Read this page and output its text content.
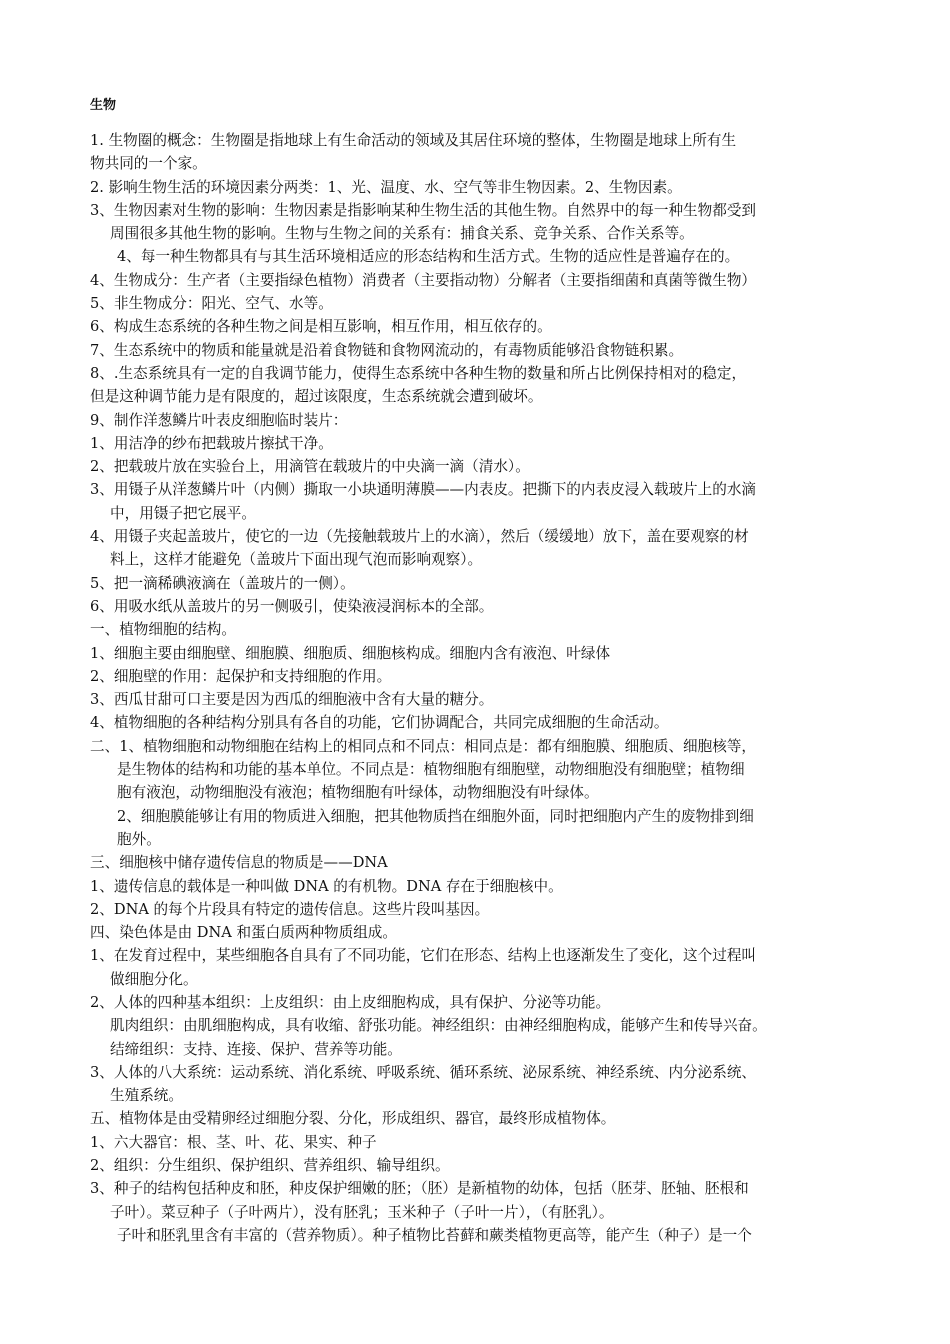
生物

1. 生物圈的概念：生物圈是指地球上有生命活动的领域及其居住环境的整体，生物圈是地球上所有生

物共同的一个家。

2. 影响生物生活的环境因素分两类：1、光、温度、水、空气等非生物因素。2、生物因素。

3、生物因素对生物的影响：生物因素是指影响某种生物生活的其他生物。自然界中的每一种生物都受到

周围很多其他生物的影响。生物与生物之间的关系有：捕食关系、竞争关系、合作关系等。

4、每一种生物都具有与其生活环境相适应的形态结构和生活方式。生物的适应性是普遍存在的。

4、生物成分：生产者（主要指绿色植物）消费者（主要指动物）分解者（主要指细菌和真菌等微生物）

5、非生物成分：阳光、空气、水等。

6、构成生态系统的各种生物之间是相互影响，相互作用，相互依存的。

7、生态系统中的物质和能量就是沿着食物链和食物网流动的，有毒物质能够沿食物链积累。

8、.生态系统具有一定的自我调节能力，使得生态系统中各种生物的数量和所占比例保持相对的稳定，

但是这种调节能力是有限度的，超过该限度，生态系统就会遭到破坏。

9、制作洋葱鳞片叶表皮细胞临时装片：

1、用洁净的纱布把载玻片擦拭干净。

2、把载玻片放在实验台上，用滴管在载玻片的中央滴一滴（清水）。

3、用镊子从洋葱鳞片叶（内侧）撕取一小块通明薄膜——内表皮。把撕下的内表皮浸入载玻片上的水滴

中，用镊子把它展平。

4、用镊子夹起盖玻片，使它的一边（先接触载玻片上的水滴），然后（缓缓地）放下，盖在要观察的材

料上，这样才能避免（盖玻片下面出现气泡而影响观察）。

5、把一滴稀碘液滴在（盖玻片的一侧）。

6、用吸水纸从盖玻片的另一侧吸引，使染液浸润标本的全部。

一、植物细胞的结构。

1、细胞主要由细胞壁、细胞膜、细胞质、细胞核构成。细胞内含有液泡、叶绿体

2、细胞壁的作用：起保护和支持细胞的作用。

3、西瓜甘甜可口主要是因为西瓜的细胞液中含有大量的糖分。

4、植物细胞的各种结构分别具有各自的功能，它们协调配合，共同完成细胞的生命活动。

二、1、植物细胞和动物细胞在结构上的相同点和不同点：相同点是：都有细胞膜、细胞质、细胞核等，

是生物体的结构和功能的基本单位。不同点是：植物细胞有细胞壁，动物细胞没有细胞壁；植物细

胞有液泡，动物细胞没有液泡；植物细胞有叶绿体，动物细胞没有叶绿体。

2、细胞膜能够让有用的物质进入细胞，把其他物质挡在细胞外面，同时把细胞内产生的废物排到细

胞外。

三、细胞核中储存遗传信息的物质是——DNA

1、遗传信息的载体是一种叫做 DNA 的有机物。DNA 存在于细胞核中。

2、DNA 的每个片段具有特定的遗传信息。这些片段叫基因。

四、染色体是由 DNA 和蛋白质两种物质组成。

1、在发育过程中，某些细胞各自具有了不同功能，它们在形态、结构上也逐渐发生了变化，这个过程叫

做细胞分化。

2、人体的四种基本组织：上皮组织：由上皮细胞构成，具有保护、分泌等功能。

肌肉组织：由肌细胞构成，具有收缩、舒张功能。神经组织：由神经细胞构成，能够产生和传导兴奋。

结缔组织：支持、连接、保护、营养等功能。

3、人体的八大系统：运动系统、消化系统、呼吸系统、循环系统、泌尿系统、神经系统、内分泌系统、

生殖系统。

五、植物体是由受精卵经过细胞分裂、分化，形成组织、器官，最终形成植物体。

1、六大器官：根、茎、叶、花、果实、种子

2、组织：分生组织、保护组织、营养组织、输导组织。

3、种子的结构包括种皮和胚，种皮保护细嫩的胚；（胚）是新植物的幼体，包括（胚芽、胚轴、胚根和

子叶）。菜豆种子（子叶两片），没有胚乳；玉米种子（子叶一片），（有胚乳）。

子叶和胚乳里含有丰富的（营养物质）。种子植物比苔藓和蕨类植物更高等，能产生（种子）是一个
